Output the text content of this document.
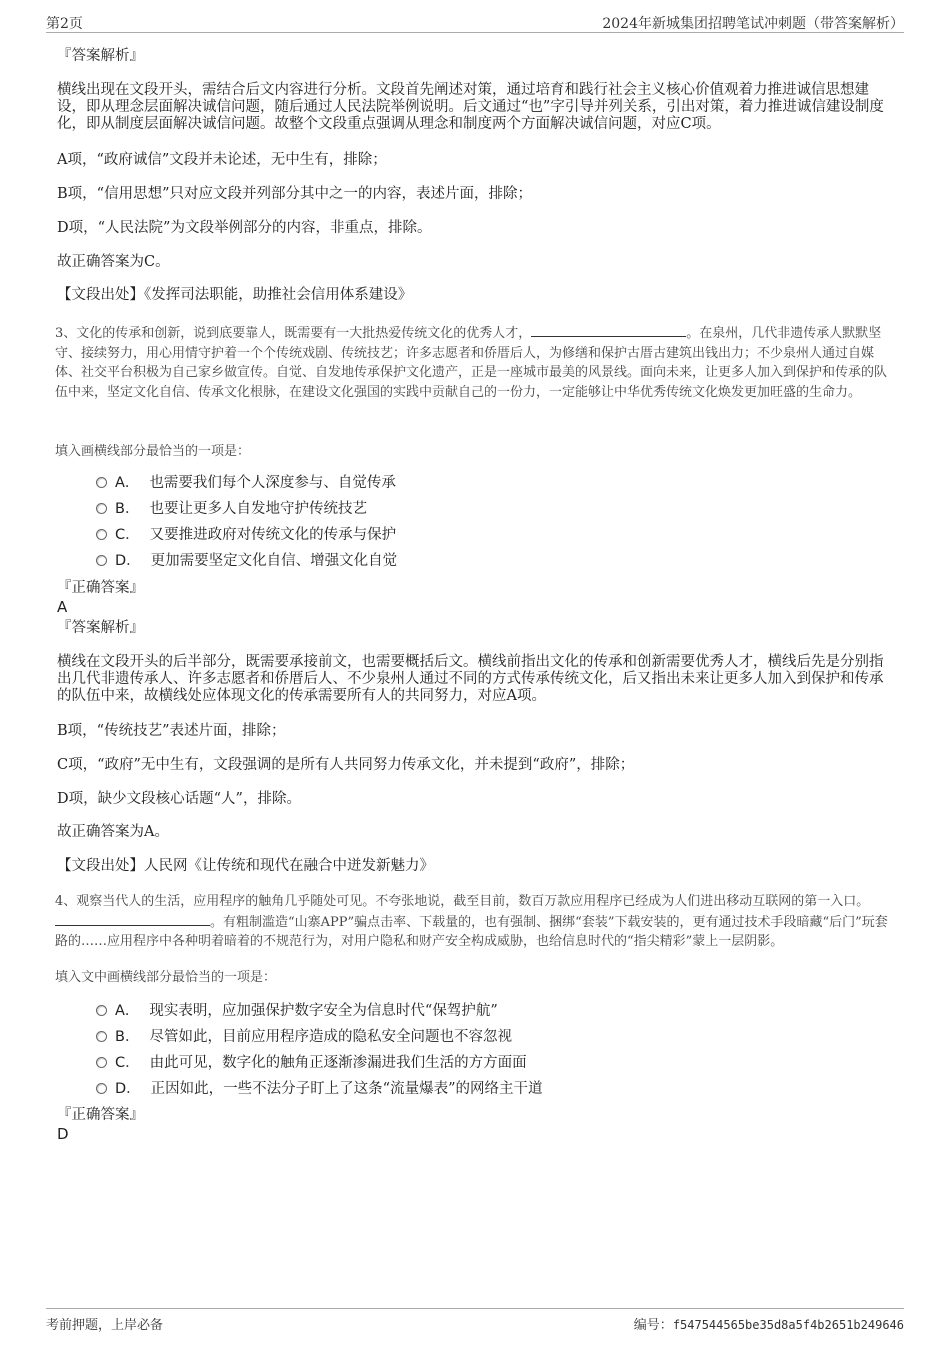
第2页	2024年新城集团招聘笔试冲刺题（带答案解析）
『答案解析』
横线出现在文段开头，需结合后文内容进行分析。文段首先阐述对策，通过培育和践行社会主义核心价值观着力推进诚信思想建设，即从理念层面解决诚信问题，随后通过人民法院举例说明。后文通过“也”字引导并列关系，引出对策，着力推进诚信建设制度化，即从制度层面解决诚信问题。故整个文段重点强调从理念和制度两个方面解决诚信问题，对应C项。
A项，“政府诚信”文段并未论述，无中生有，排除；
B项，“信用思想”只对应文段并列部分其中之一的内容，表述片面，排除；
D项，“人民法院”为文段举例部分的内容，非重点，排除。
故正确答案为C。
【文段出处】《发挥司法职能，助推社会信用体系建设》
3、文化的传承和创新，说到底要靠人，既需要有一大批热爱传统文化的优秀人才，	。在泉州，几代非遗传承人默默坚守、接续努力，用心用情守护着一个个传统戏剧、传统技艺；许多志愿者和侨厝后人，为修缮和保护古厝古建筑出钱出力；不少泉州人通过自媒体、社交平台积极为自己家乡做宣传。自觉、自发地传承保护文化遗产，正是一座城市最美的风景线。面向未来，让更多人加入到保护和传承的队伍中来，坚定文化自信、传承文化根脉，在建设文化强国的实践中贡献自己的一份力，一定能够让中华优秀传统文化焕发更加旺盛的生命力。
填入画横线部分最恰当的一项是：
A． 也需要我们每个人深度参与、自觉传承
B． 也要让更多人自发地守护传统技艺
C． 又要推进政府对传统文化的传承与保护
D． 更加需要坚定文化自信、增强文化自觉
『正确答案』
A
『答案解析』
横线在文段开头的后半部分，既需要承接前文，也需要概括后文。横线前指出文化的传承和创新需要优秀人才，横线后先是分别指出几代非遗传承人、许多志愿者和侨厝后人、不少泉州人通过不同的方式传承传统文化，后又指出未来让更多人加入到保护和传承的队伍中来，故横线处应体现文化的传承需要所有人的共同努力，对应A项。
B项，“传统技艺”表述片面，排除；
C项，“政府”无中生有，文段强调的是所有人共同努力传承文化，并未提到“政府”，排除；
D项，缺少文段核心话题“人”，排除。
故正确答案为A。
【文段出处】人民网《让传统和现代在融合中迸发新魅力》
4、观察当代人的生活，应用程序的触角几乎随处可见。不夸张地说，截至目前，数百万款应用程序已经成为人们进出移动互联网的第一入口。。有粗制滥造“山寨APP”骗点击率、下载量的，也有强制、捆绑“套装”下载安装的，更有通过技术手段暗藏“后门”玩套路的……应用程序中各种明着暗着的不规范行为，对用户隐私和财产安全构成威胁，也给信息时代的“指尖精彩”蒙上一层阴影。
填入文中画横线部分最恰当的一项是：
A． 现实表明，应加强保护数字安全为信息时代“保驾护航”
B． 尽管如此，目前应用程序造成的隐私安全问题也不容忽视
C． 由此可见，数字化的触角正逐渐渗漏进我们生活的方方面面
D． 正因如此，一些不法分子盯上了这条“流量爆表”的网络主干道
『正确答案』
D
考前押题，上岸必备	编号：f547544565be35d8a5f4b2651b249646
